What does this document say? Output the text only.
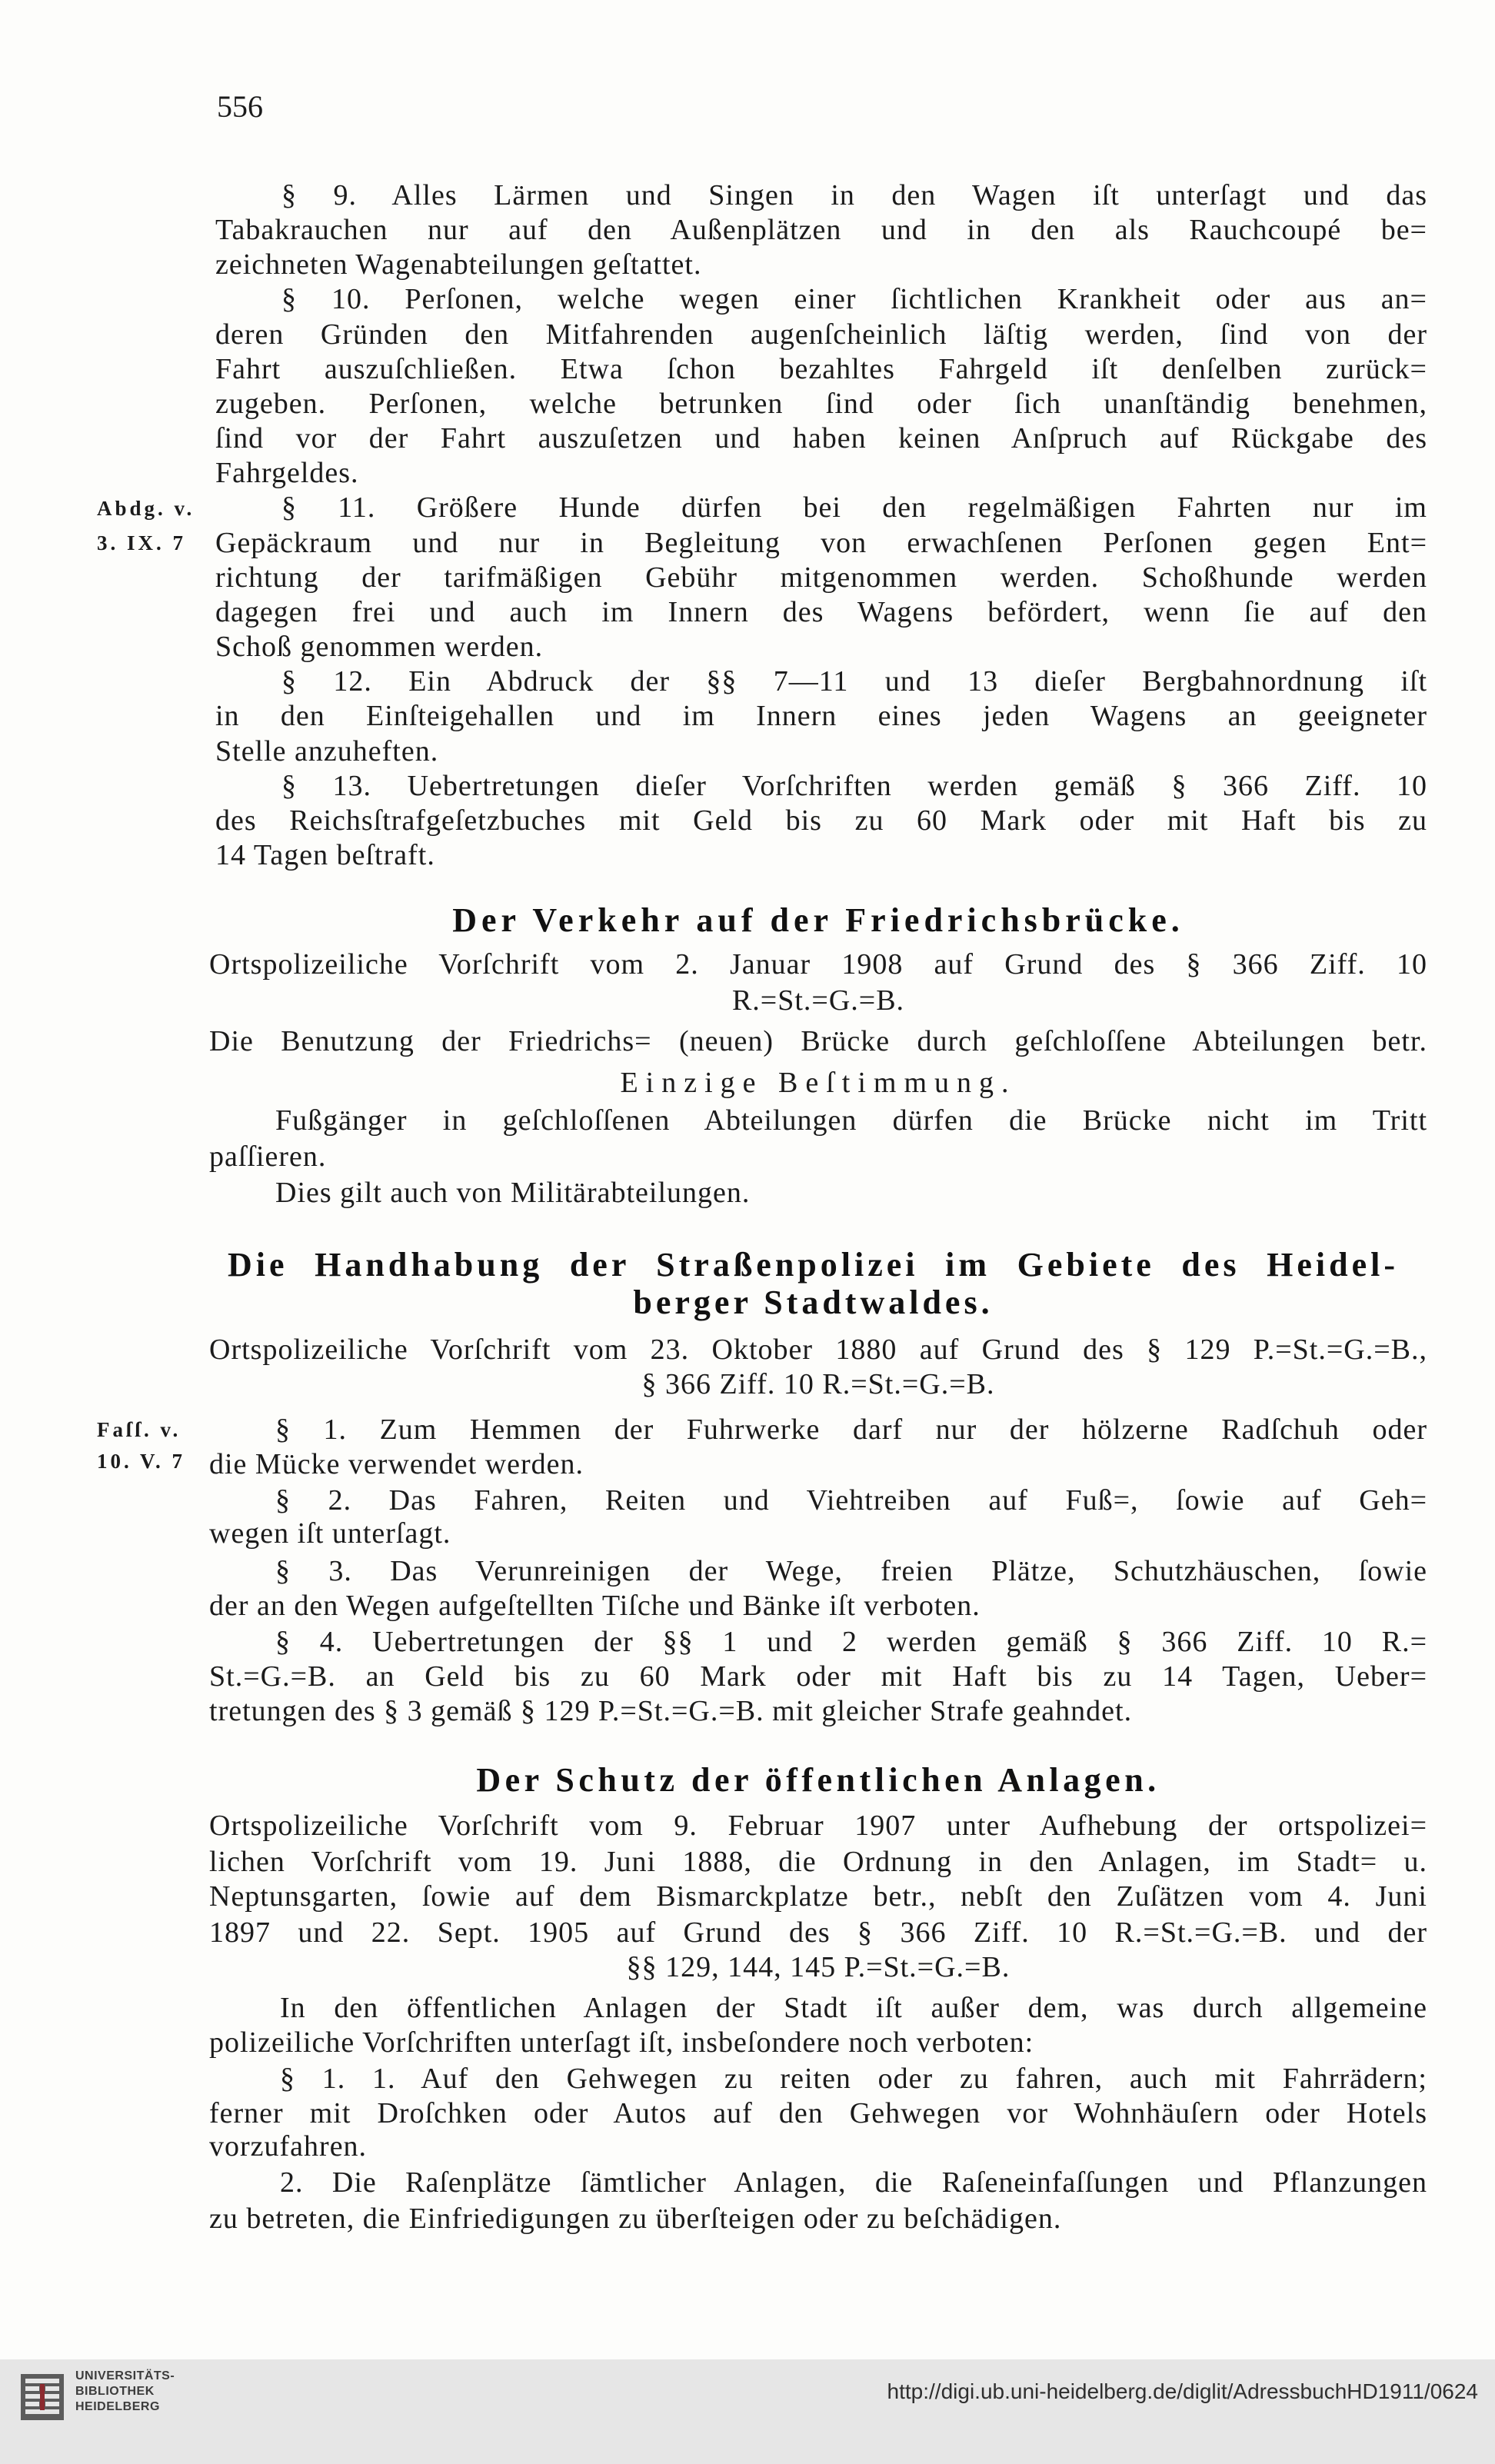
556
§ 9. Alles Lärmen und Singen in den Wagen iſt unterſagt und das
Tabakrauchen nur auf den Außenplätzen und in den als Rauchcoupé be=
zeichneten Wagenabteilungen geſtattet.
§ 10. Perſonen, welche wegen einer ſichtlichen Krankheit oder aus an=
deren Gründen den Mitfahrenden augenſcheinlich läſtig werden, ſind von der
Fahrt auszuſchließen. Etwa ſchon bezahltes Fahrgeld iſt denſelben zurück=
zugeben. Perſonen, welche betrunken ſind oder ſich unanſtändig benehmen,
ſind vor der Fahrt auszuſetzen und haben keinen Anſpruch auf Rückgabe des
Fahrgeldes.
§ 11. Größere Hunde dürfen bei den regelmäßigen Fahrten nur im
Gepäckraum und nur in Begleitung von erwachſenen Perſonen gegen Ent=
richtung der tarifmäßigen Gebühr mitgenommen werden. Schoßhunde werden
dagegen frei und auch im Innern des Wagens befördert, wenn ſie auf den
Schoß genommen werden.
§ 12. Ein Abdruck der §§ 7—11 und 13 dieſer Bergbahnordnung iſt
in den Einſteigehallen und im Innern eines jeden Wagens an geeigneter
Stelle anzuheften.
§ 13. Uebertretungen dieſer Vorſchriften werden gemäß § 366 Ziff. 10
des Reichsſtrafgeſetzbuches mit Geld bis zu 60 Mark oder mit Haft bis zu
14 Tagen beſtraft.
Abdg. v.
3. IX. 7
Der Verkehr auf der Friedrichsbrücke.
Ortspolizeiliche Vorſchrift vom 2. Januar 1908 auf Grund des § 366 Ziff. 10
R.=St.=G.=B.
Die Benutzung der Friedrichs= (neuen) Brücke durch geſchloſſene Abteilungen betr.
Einzige Beſtimmung.
Fußgänger in geſchloſſenen Abteilungen dürfen die Brücke nicht im Tritt
paſſieren.
Dies gilt auch von Militärabteilungen.
Die Handhabung der Straßenpolizei im Gebiete des Heidel-
berger Stadtwaldes.
Ortspolizeiliche Vorſchrift vom 23. Oktober 1880 auf Grund des § 129 P.=St.=G.=B.,
§ 366 Ziff. 10 R.=St.=G.=B.
Faſſ. v.
10. V. 7
§ 1. Zum Hemmen der Fuhrwerke darf nur der hölzerne Radſchuh oder
die Mücke verwendet werden.
§ 2. Das Fahren, Reiten und Viehtreiben auf Fuß=, ſowie auf Geh=
wegen iſt unterſagt.
§ 3. Das Verunreinigen der Wege, freien Plätze, Schutzhäuschen, ſowie
der an den Wegen aufgeſtellten Tiſche und Bänke iſt verboten.
§ 4. Uebertretungen der §§ 1 und 2 werden gemäß § 366 Ziff. 10 R.=
St.=G.=B. an Geld bis zu 60 Mark oder mit Haft bis zu 14 Tagen, Ueber=
tretungen des § 3 gemäß § 129 P.=St.=G.=B. mit gleicher Strafe geahndet.
Der Schutz der öffentlichen Anlagen.
Ortspolizeiliche Vorſchrift vom 9. Februar 1907 unter Aufhebung der ortspolizei=
lichen Vorſchrift vom 19. Juni 1888, die Ordnung in den Anlagen, im Stadt= u.
Neptunsgarten, ſowie auf dem Bismarckplatze betr., nebſt den Zuſätzen vom 4. Juni
1897 und 22. Sept. 1905 auf Grund des § 366 Ziff. 10 R.=St.=G.=B. und der
§§ 129, 144, 145 P.=St.=G.=B.
In den öffentlichen Anlagen der Stadt iſt außer dem, was durch allgemeine
polizeiliche Vorſchriften unterſagt iſt, insbeſondere noch verboten:
§ 1. 1. Auf den Gehwegen zu reiten oder zu fahren, auch mit Fahrrädern;
ferner mit Droſchken oder Autos auf den Gehwegen vor Wohnhäuſern oder Hotels
vorzufahren.
2. Die Raſenplätze ſämtlicher Anlagen, die Raſeneinfaſſungen und Pflanzungen
zu betreten, die Einfriedigungen zu überſteigen oder zu beſchädigen.
UNIVERSITÄTS-
BIBLIOTHEK
HEIDELBERG
http://digi.ub.uni-heidelberg.de/diglit/AdressbuchHD1911/0624
